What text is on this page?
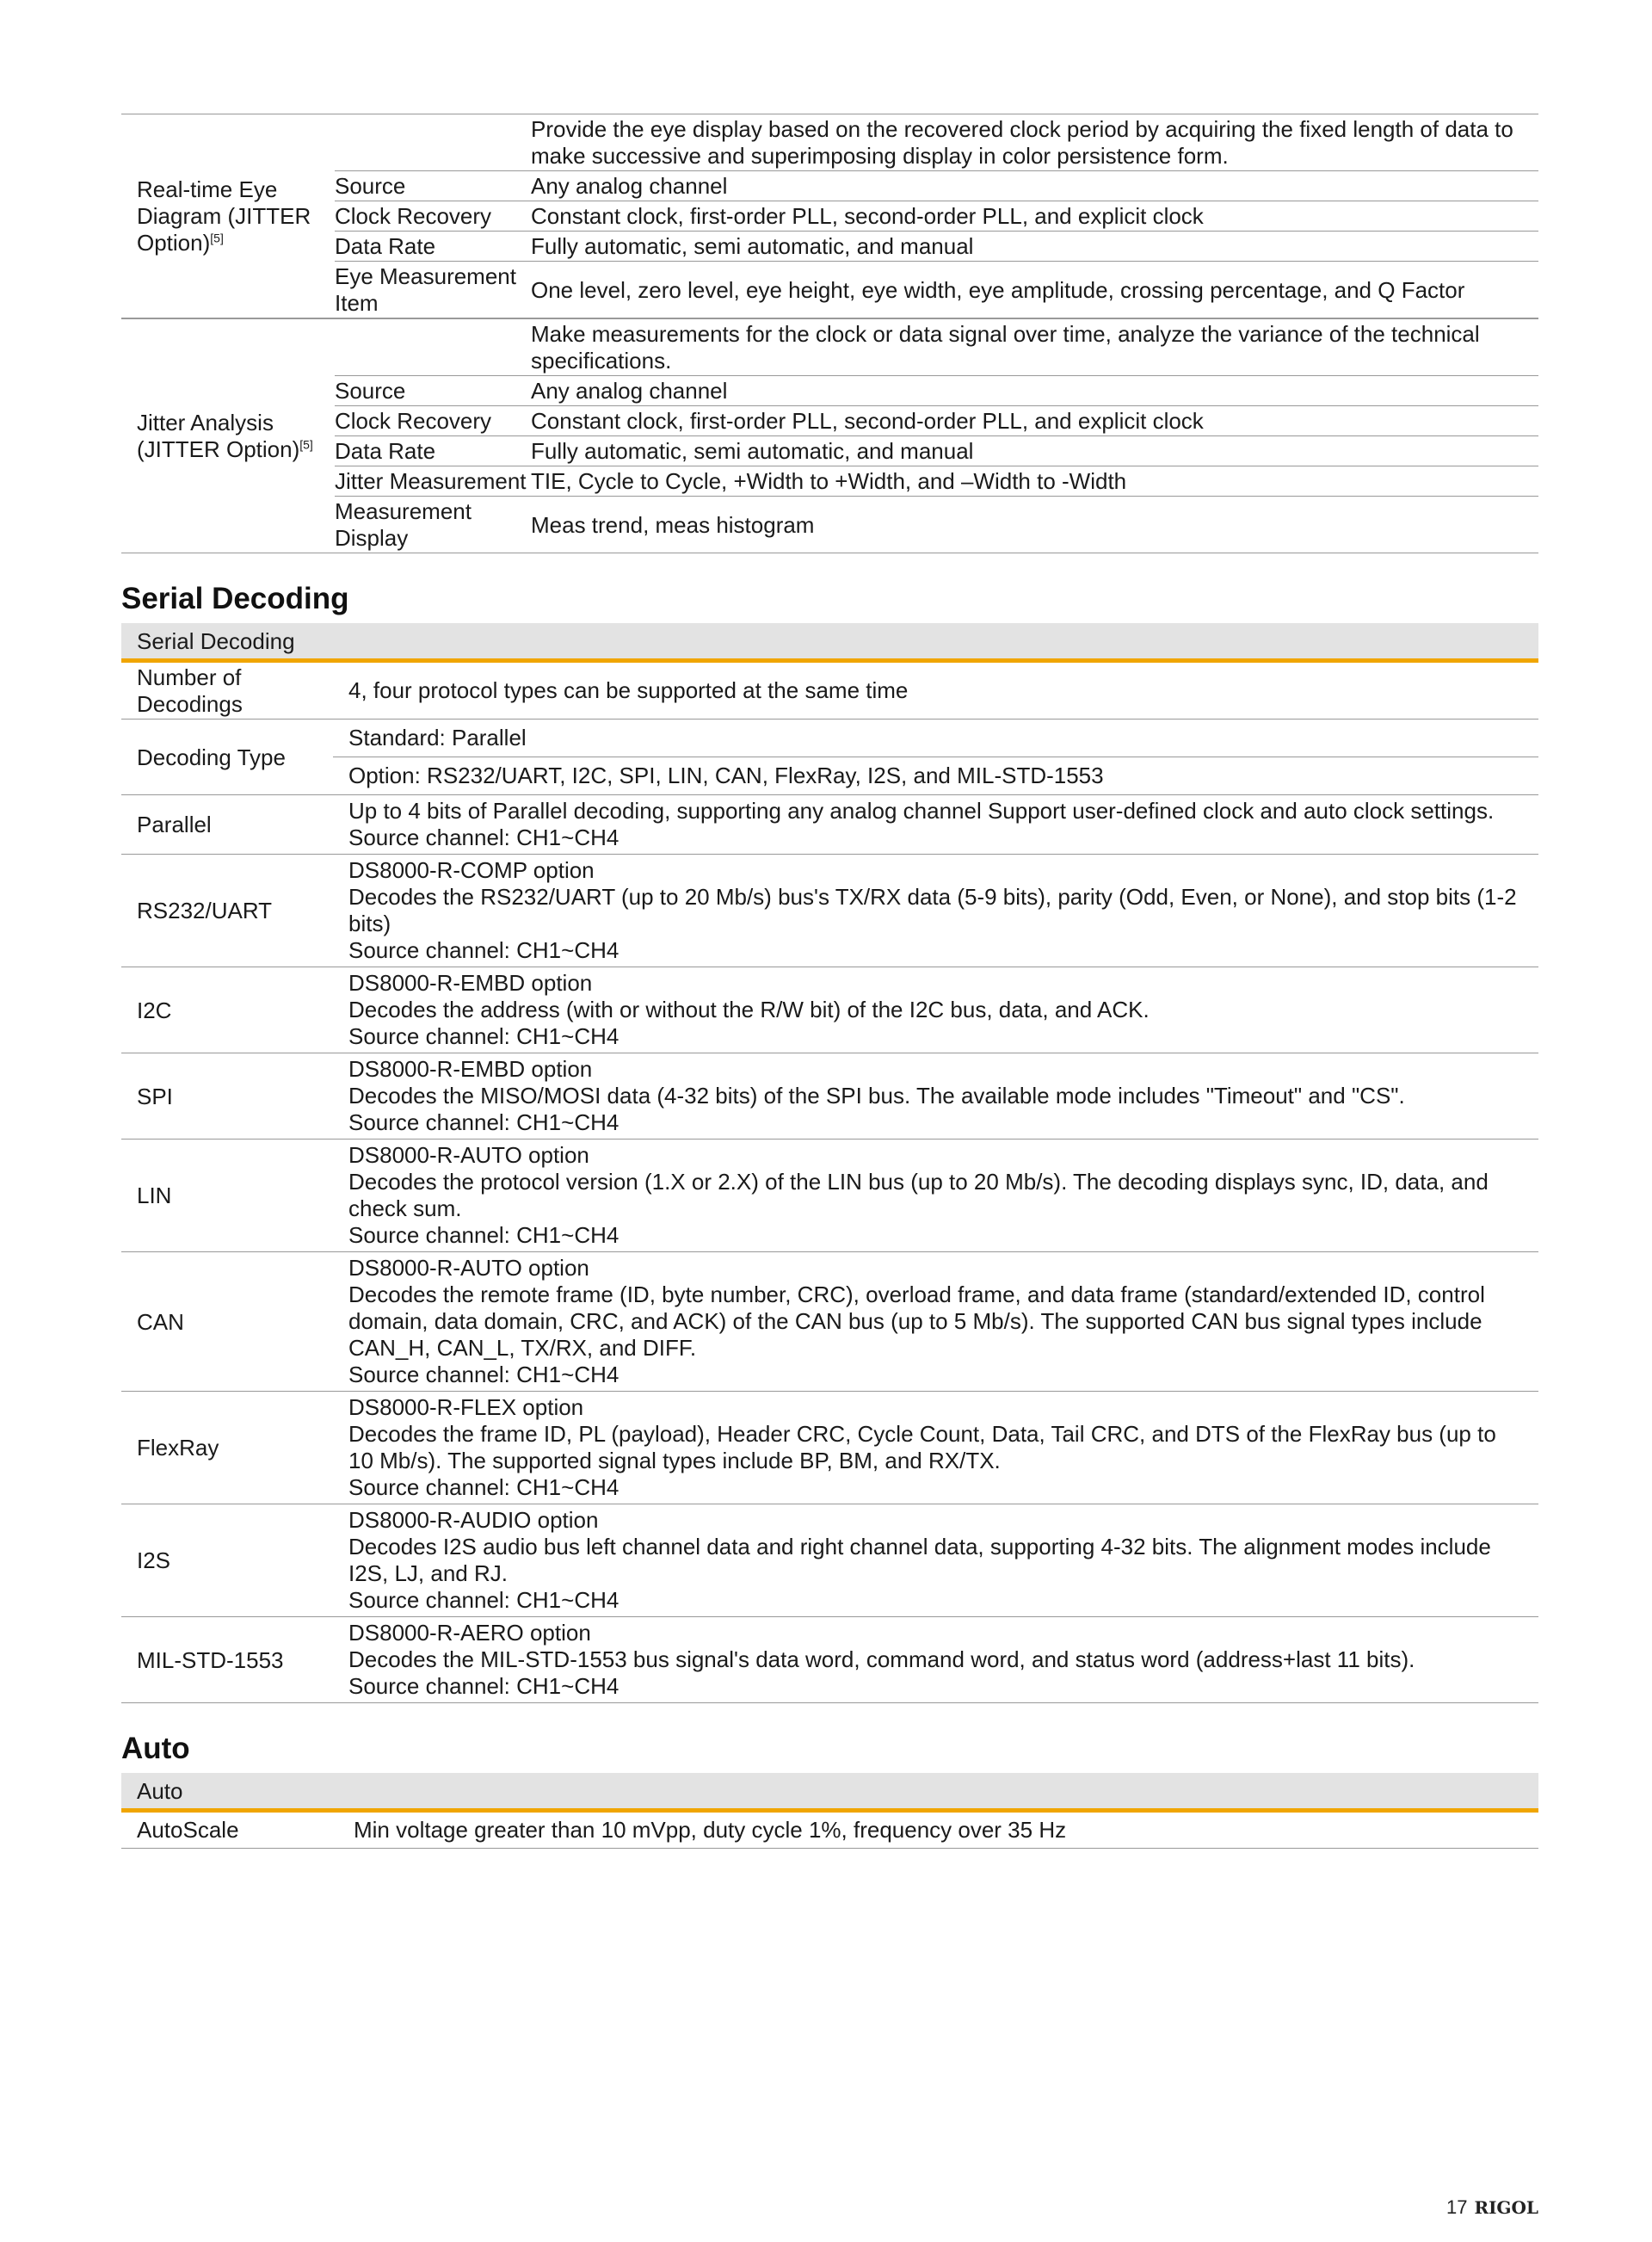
Real-time Eye Diagram (JITTER Option)[5]		Provide the eye display based on the recovered clock period by acquiring the fixed length of data to make successive and superimposing display in color persistence form.
	Source	Any analog channel
	Clock Recovery	Constant clock, first-order PLL, second-order PLL, and explicit clock
	Data Rate	Fully automatic, semi automatic, and manual
	Eye Measurement Item	One level, zero level, eye height, eye width, eye amplitude, crossing percentage, and Q Factor
Jitter Analysis (JITTER Option)[5]		Make measurements for the clock or data signal over time, analyze the variance of the technical specifications.
	Source	Any analog channel
	Clock Recovery	Constant clock, first-order PLL, second-order PLL, and explicit clock
	Data Rate	Fully automatic, semi automatic, and manual
	Jitter Measurement	TIE, Cycle to Cycle, +Width to +Width, and –Width to -Width
	Measurement Display	Meas trend, meas histogram
Serial Decoding
Serial Decoding
Number of Decodings	4, four protocol types can be supported at the same time

Decoding Type	Standard: Parallel
	Option: RS232/UART, I2C, SPI, LIN, CAN, FlexRay, I2S, and MIL-STD-1553
Parallel	Up to 4 bits of Parallel decoding, supporting any analog channel Support user-defined clock and auto clock settings.
Source channel: CH1~CH4

RS232/UART	DS8000-R-COMP option
Decodes the RS232/UART (up to 20 Mb/s) bus's TX/RX data (5-9 bits), parity (Odd, Even, or None), and stop bits (1-2 bits)
Source channel: CH1~CH4

I2C	DS8000-R-EMBD option
Decodes the address (with or without the R/W bit) of the I2C bus, data, and ACK.
Source channel: CH1~CH4

SPI	DS8000-R-EMBD option
Decodes the MISO/MOSI data (4-32 bits) of the SPI bus. The available mode includes "Timeout" and "CS".
Source channel: CH1~CH4

LIN	DS8000-R-AUTO option
Decodes the protocol version (1.X or 2.X) of the LIN bus (up to 20 Mb/s). The decoding displays sync, ID, data, and check sum.
Source channel: CH1~CH4

CAN	DS8000-R-AUTO option
Decodes the remote frame (ID, byte number, CRC), overload frame, and data frame (standard/extended ID, control domain, data domain, CRC, and ACK) of the CAN bus (up to 5 Mb/s). The supported CAN bus signal types include CAN_H, CAN_L, TX/RX, and DIFF.
Source channel: CH1~CH4

FlexRay	DS8000-R-FLEX option
Decodes the frame ID, PL (payload), Header CRC, Cycle Count, Data, Tail CRC, and DTS of the FlexRay bus (up to 10 Mb/s). The supported signal types include BP, BM, and RX/TX.
Source channel: CH1~CH4

I2S	DS8000-R-AUDIO option
Decodes I2S audio bus left channel data and right channel data, supporting 4-32 bits. The alignment modes include I2S, LJ, and RJ.
Source channel: CH1~CH4

MIL-STD-1553	DS8000-R-AERO option
Decodes the MIL-STD-1553 bus signal's data word, command word, and status word (address+last 11 bits).
Source channel: CH1~CH4
Auto
Auto
AutoScale	Min voltage greater than 10 mVpp, duty cycle 1%, frequency over 35 Hz
17 RIGOL
